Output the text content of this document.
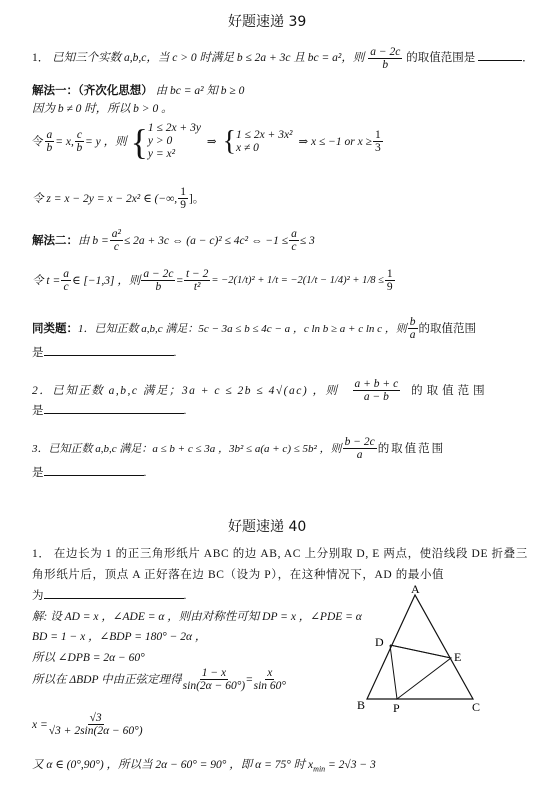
好题速递 39
1． 已知三个实数 a,b,c，当 c > 0 时满足 b ≤ 2a + 3c 且 bc = a²，则 $\frac{a - 2c}{b}$ 的取值范围是	．
解法一：（齐次化思想） 由 bc = a² 知 b ≥ 0
因为 b ≠ 0 时，所以 b > 0 。
令 $\frac{a}{b} = x$, $\frac{c}{b} = y$ ，则 { 1 ≤ 2x + 3y
y > 0
y = x²
⇒ { 1 ≤ 2x + 3x²
x ≠ 0	⇒ x ≤ −1 or $x \ge \frac{1}{3}$
令 z = x − 2y = x − 2x² ∈ (−∞, $\frac{1}{9}$ ]。
解法二： 由 $b = \frac{\text{a²}}{c} \le 2a + 3c$ ⇔ (a − c)² ≤ 4c² ⇔ $-1 \le \frac{a}{c} \le 3$
令 $t = \frac{a}{c}$ ∈ [−1,3] ，则 $\frac{a - 2c}{b} = \frac{t - 2}{\text{t²}} = -2(1/t)^2 + 1/t = -2(1/t - 1/4)^2 + 1/8 \le \frac{1}{9}$
同类题： 1．已知正数 a,b,c 满足：5c − 3a ≤ b ≤ 4c − a ，c ln b ≥ a + c ln c ，则 $\frac{b}{a}$ 的取值范围
是	.
2．已知正数 a,b,c 满足；3a + c ≤ 2b ≤ 4√(ac) ，则 $\frac{a + b + c}{a - b}$ 的取值范围
是	.
3．已知正数 a,b,c 满足：a ≤ b + c ≤ 3a ，3b² ≤ a(a + c) ≤ 5b² ，则 $\frac{b - 2c}{a}$ 的取值范围
是	.
好题速递 40
1． 在边长为 1 的正三角形纸片 ABC 的边 AB, AC 上分别取 D, E 两点，使沿线段 DE 折叠三
角形纸片后，顶点 A 正好落在边 BC（设为 P），在这种情况下，AD 的最小值
为	.
解: 设 AD = x ，∠ADE = α ，则由对称性可知 DP = x ，∠PDE = α
BD = 1 − x ，∠BDP = 180° − 2α ，
所以 ∠DPB = 2α − 60°
所以在 ΔBDP 中由正弦定理得 $\frac{1 - x}{\sin(2\alpha - 60^\circ)} = \frac{x}{\sin 60^\circ}$
$x = \frac{√3}{√3 + 2\sin(2\alpha - 60^\circ)}$
又 α ∈ (0°,90°) ，所以当 2α − 60° = 90° ，即 α = 75° 时 $x_{min} = 2√3 - 3$
A
B	C
D
E
P
